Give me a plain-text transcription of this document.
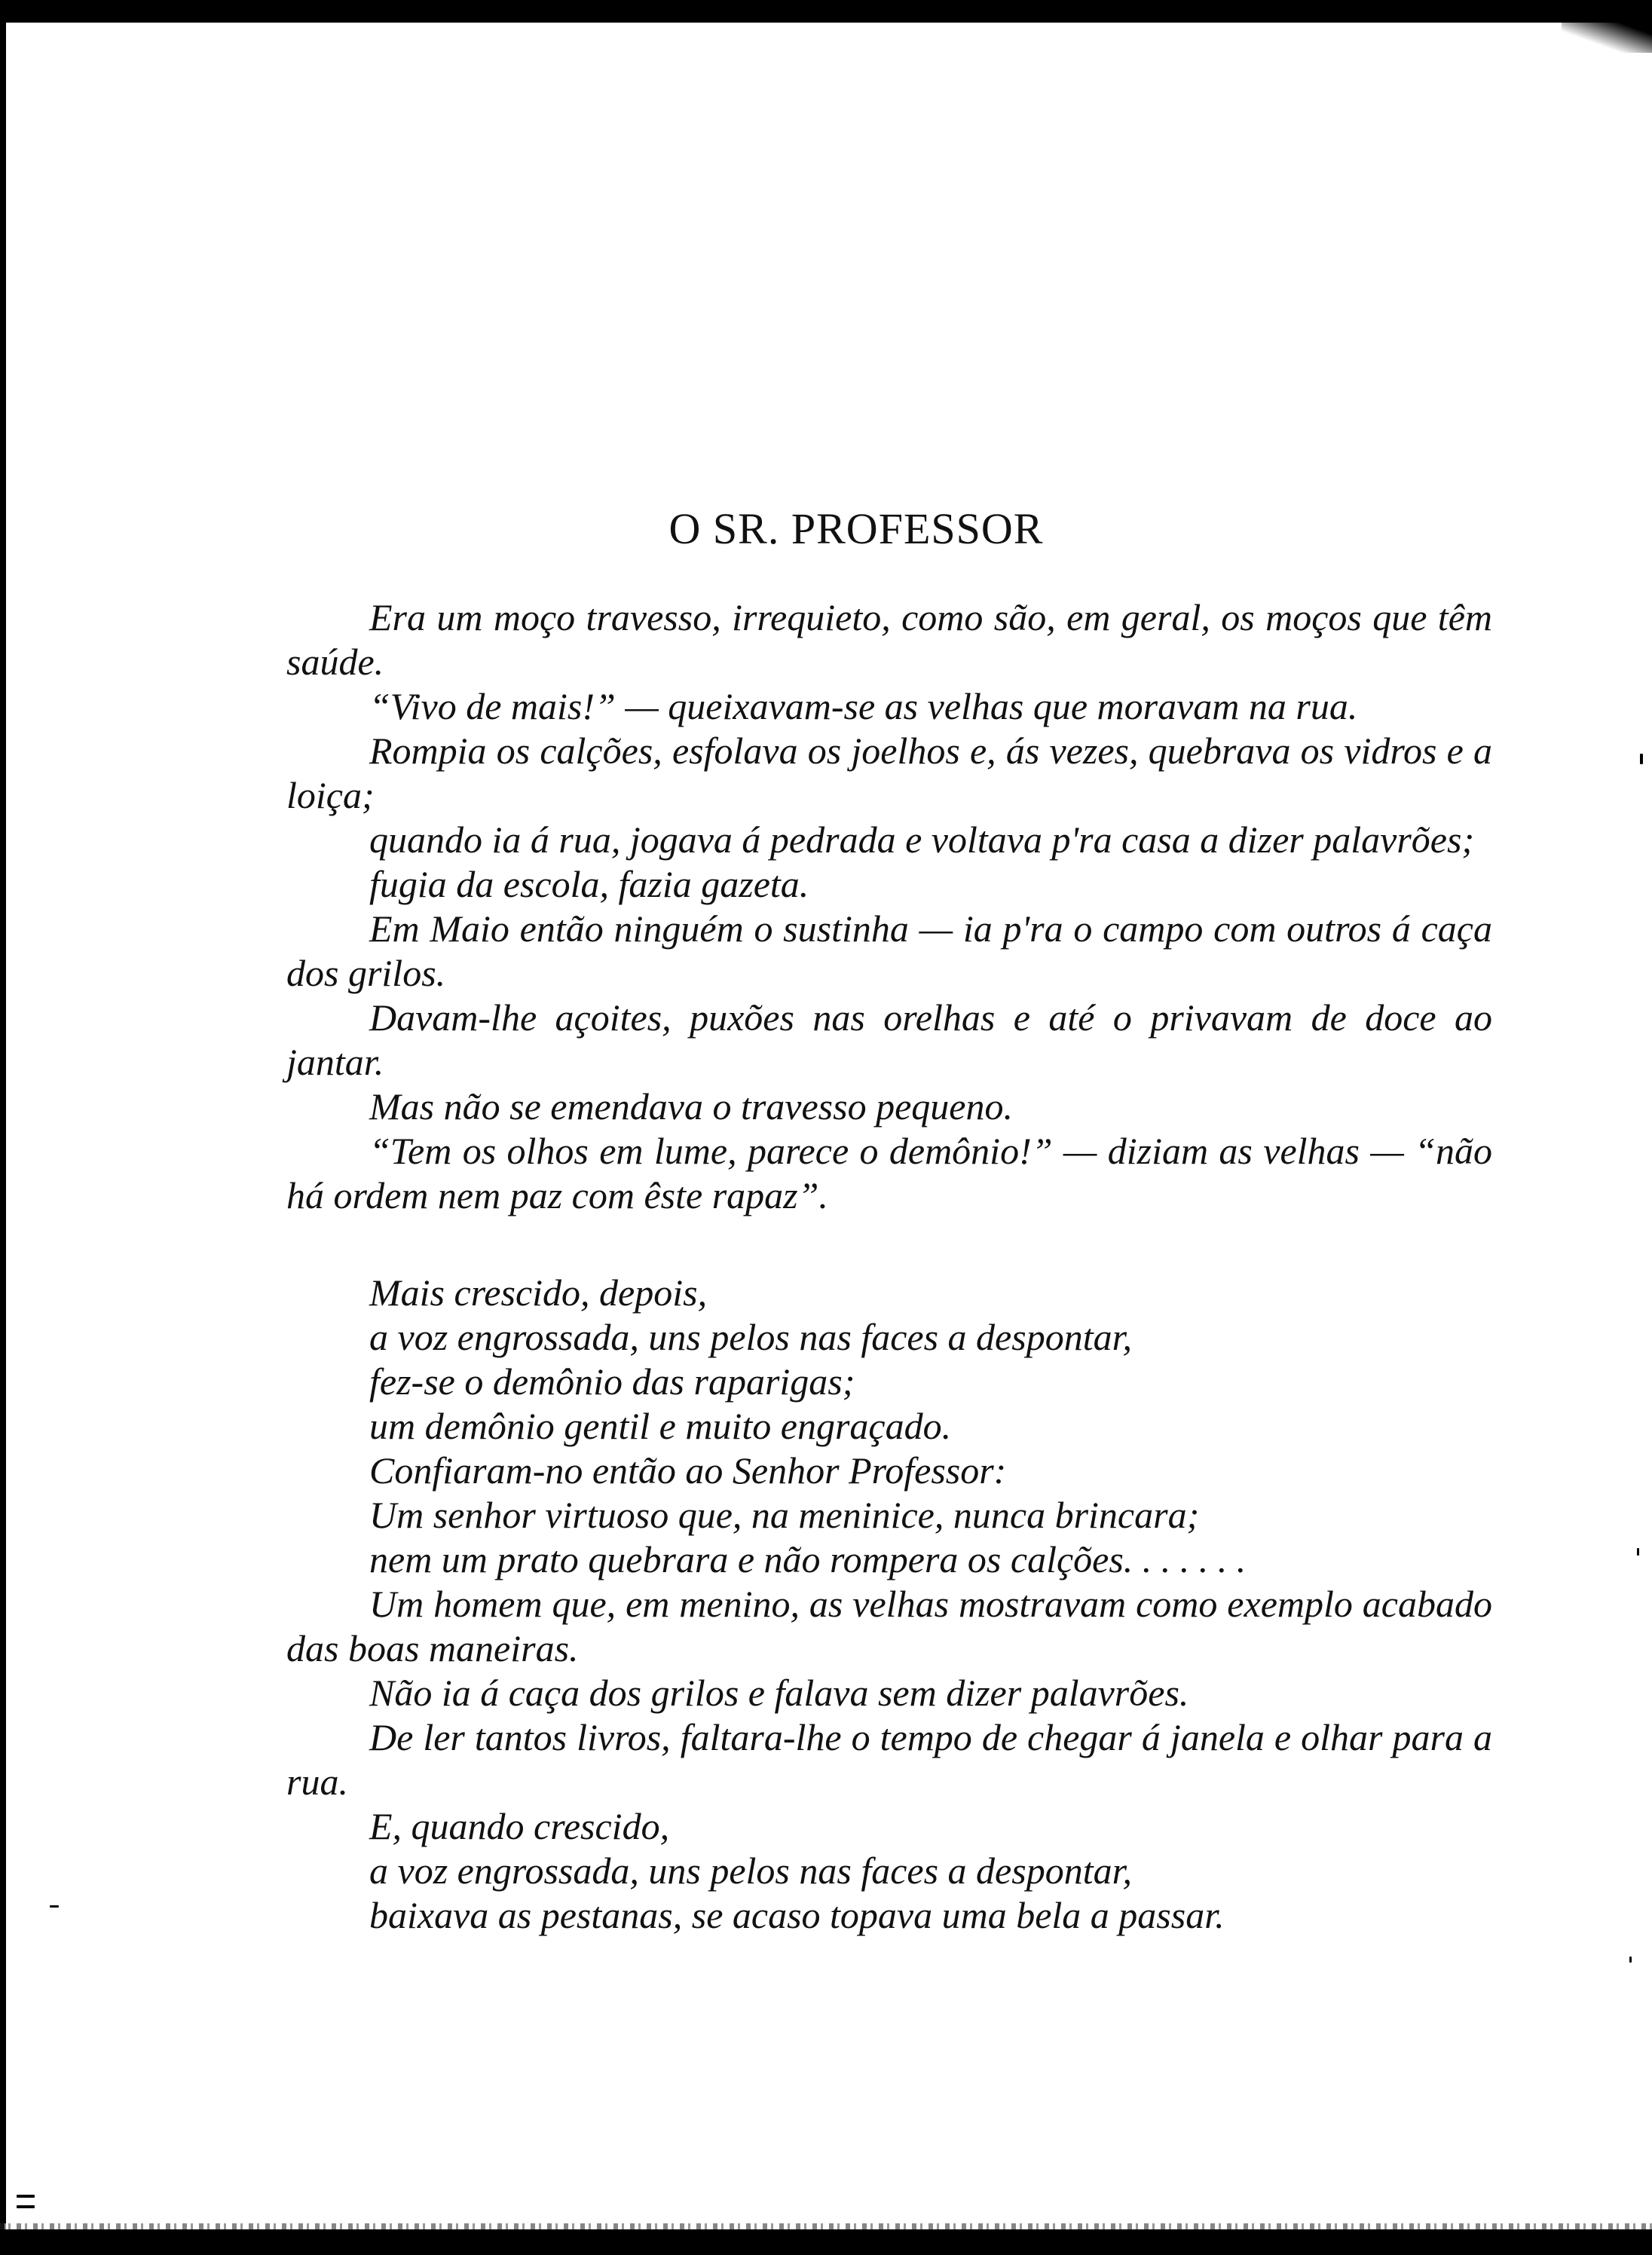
O SR. PROFESSOR

Era um moço travesso, irrequieto, como são, em geral, os moços que têm saúde.

“Vivo de mais!” — queixavam-se as velhas que moravam na rua.

Rompia os calções, esfolava os joelhos e, ás vezes, quebrava os vidros e a loiça;

quando ia á rua, jogava á pedrada e voltava p'ra casa a dizer palavrões;

fugia da escola, fazia gazeta.

Em Maio então ninguém o sustinha — ia p'ra o campo com outros á caça dos grilos.

Davam-lhe açoites, puxões nas orelhas e até o privavam de doce ao jantar.

Mas não se emendava o travesso pequeno.

“Tem os olhos em lume, parece o demônio!” — diziam as velhas — “não há ordem nem paz com êste rapaz”.

Mais crescido, depois,

a voz engrossada, uns pelos nas faces a despontar,

fez-se o demônio das raparigas;

um demônio gentil e muito engraçado.

Confiaram-no então ao Senhor Professor:

Um senhor virtuoso que, na meninice, nunca brincara;

nem um prato quebrara e não rompera os calções. . . . . . .

Um homem que, em menino, as velhas mostravam como exemplo acabado das boas maneiras.

Não ia á caça dos grilos e falava sem dizer palavrões.

De ler tantos livros, faltara-lhe o tempo de chegar á janela e olhar para a rua.

E, quando crescido,

a voz engrossada, uns pelos nas faces a despontar,

baixava as pestanas, se acaso topava uma bela a passar.
